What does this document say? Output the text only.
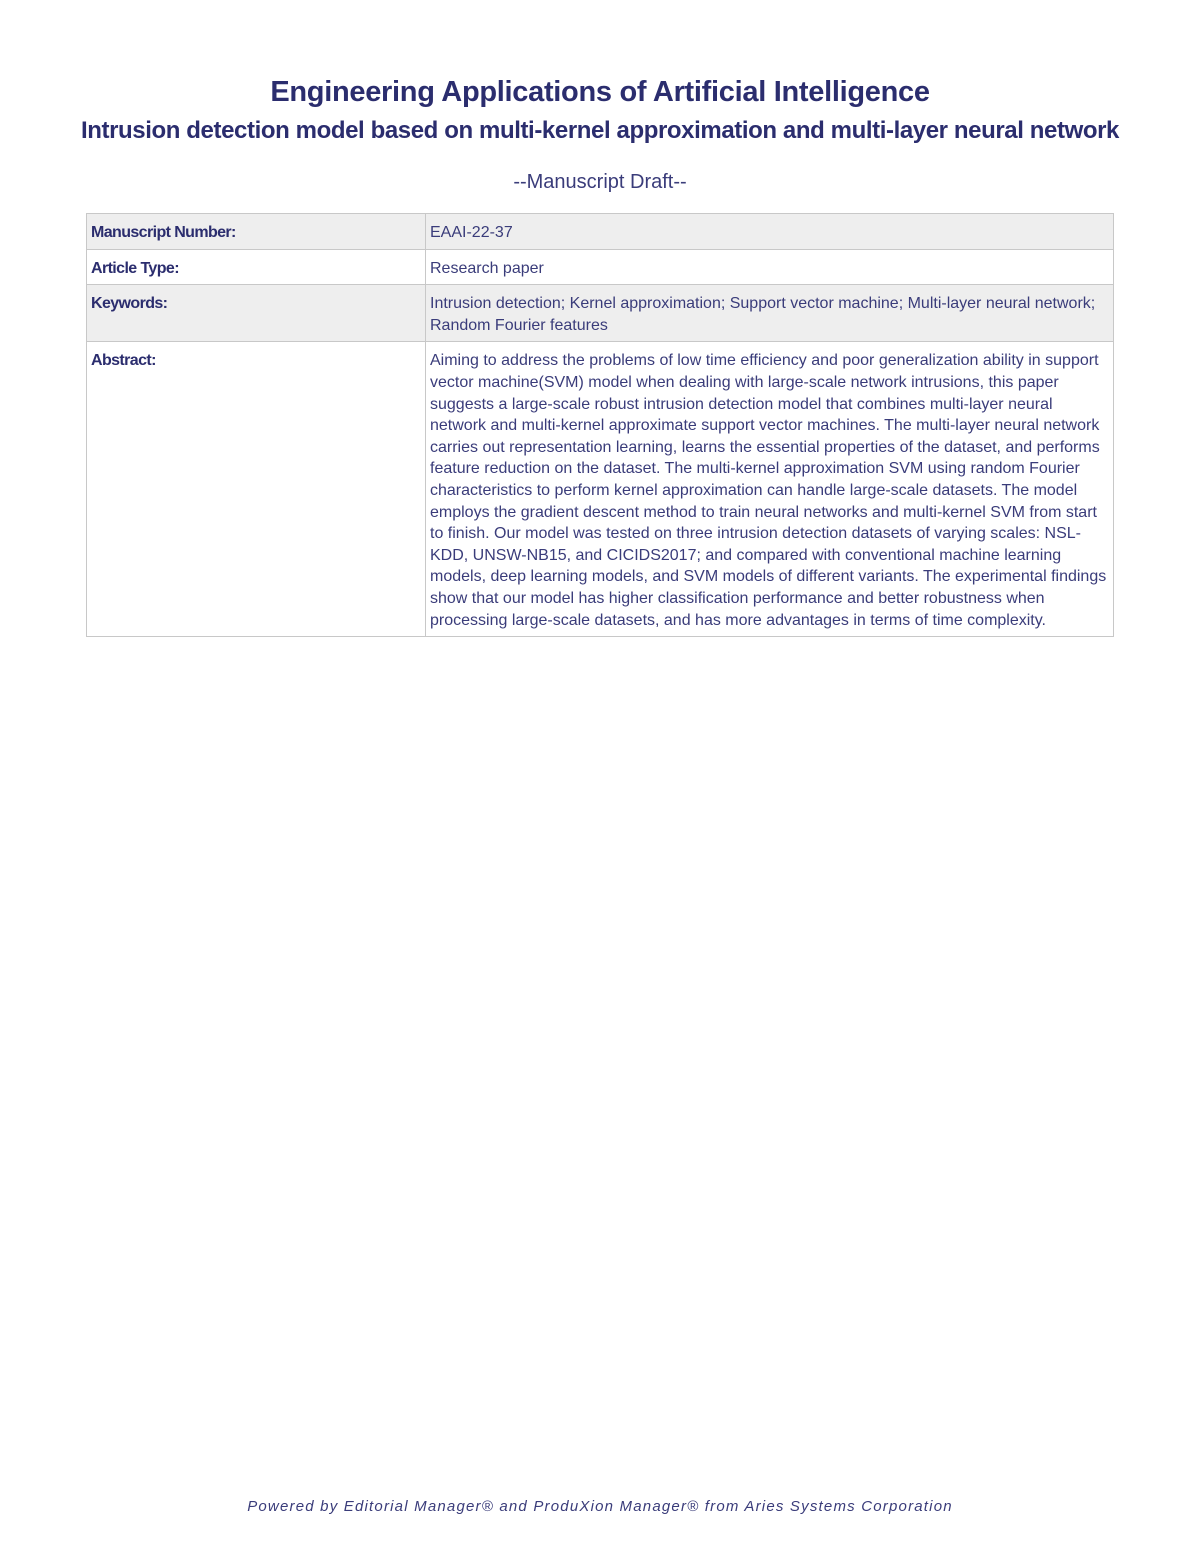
Engineering Applications of Artificial Intelligence
Intrusion detection model based on multi-kernel approximation and multi-layer neural network
--Manuscript Draft--
Manuscript Number:	EAAI-22-37
Article Type:	Research paper
Keywords:	Intrusion detection; Kernel approximation; Support vector machine; Multi-layer neural network; Random Fourier features
Abstract:	Aiming to address the problems of low time efficiency and poor generalization ability in support vector machine(SVM) model when dealing with large-scale network intrusions, this paper suggests a large-scale robust intrusion detection model that combines multi-layer neural network and multi-kernel approximate support vector machines. The multi-layer neural network carries out representation learning, learns the essential properties of the dataset, and performs feature reduction on the dataset. The multi-kernel approximation SVM using random Fourier characteristics to perform kernel approximation can handle large-scale datasets. The model employs the gradient descent method to train neural networks and multi-kernel SVM from start to finish. Our model was tested on three intrusion detection datasets of varying scales: NSL-KDD, UNSW-NB15, and CICIDS2017; and compared with conventional machine learning models, deep learning models, and SVM models of different variants. The experimental findings show that our model has higher classification performance and better robustness when processing large-scale datasets, and has more advantages in terms of time complexity.
Powered by Editorial Manager® and ProduXion Manager® from Aries Systems Corporation
